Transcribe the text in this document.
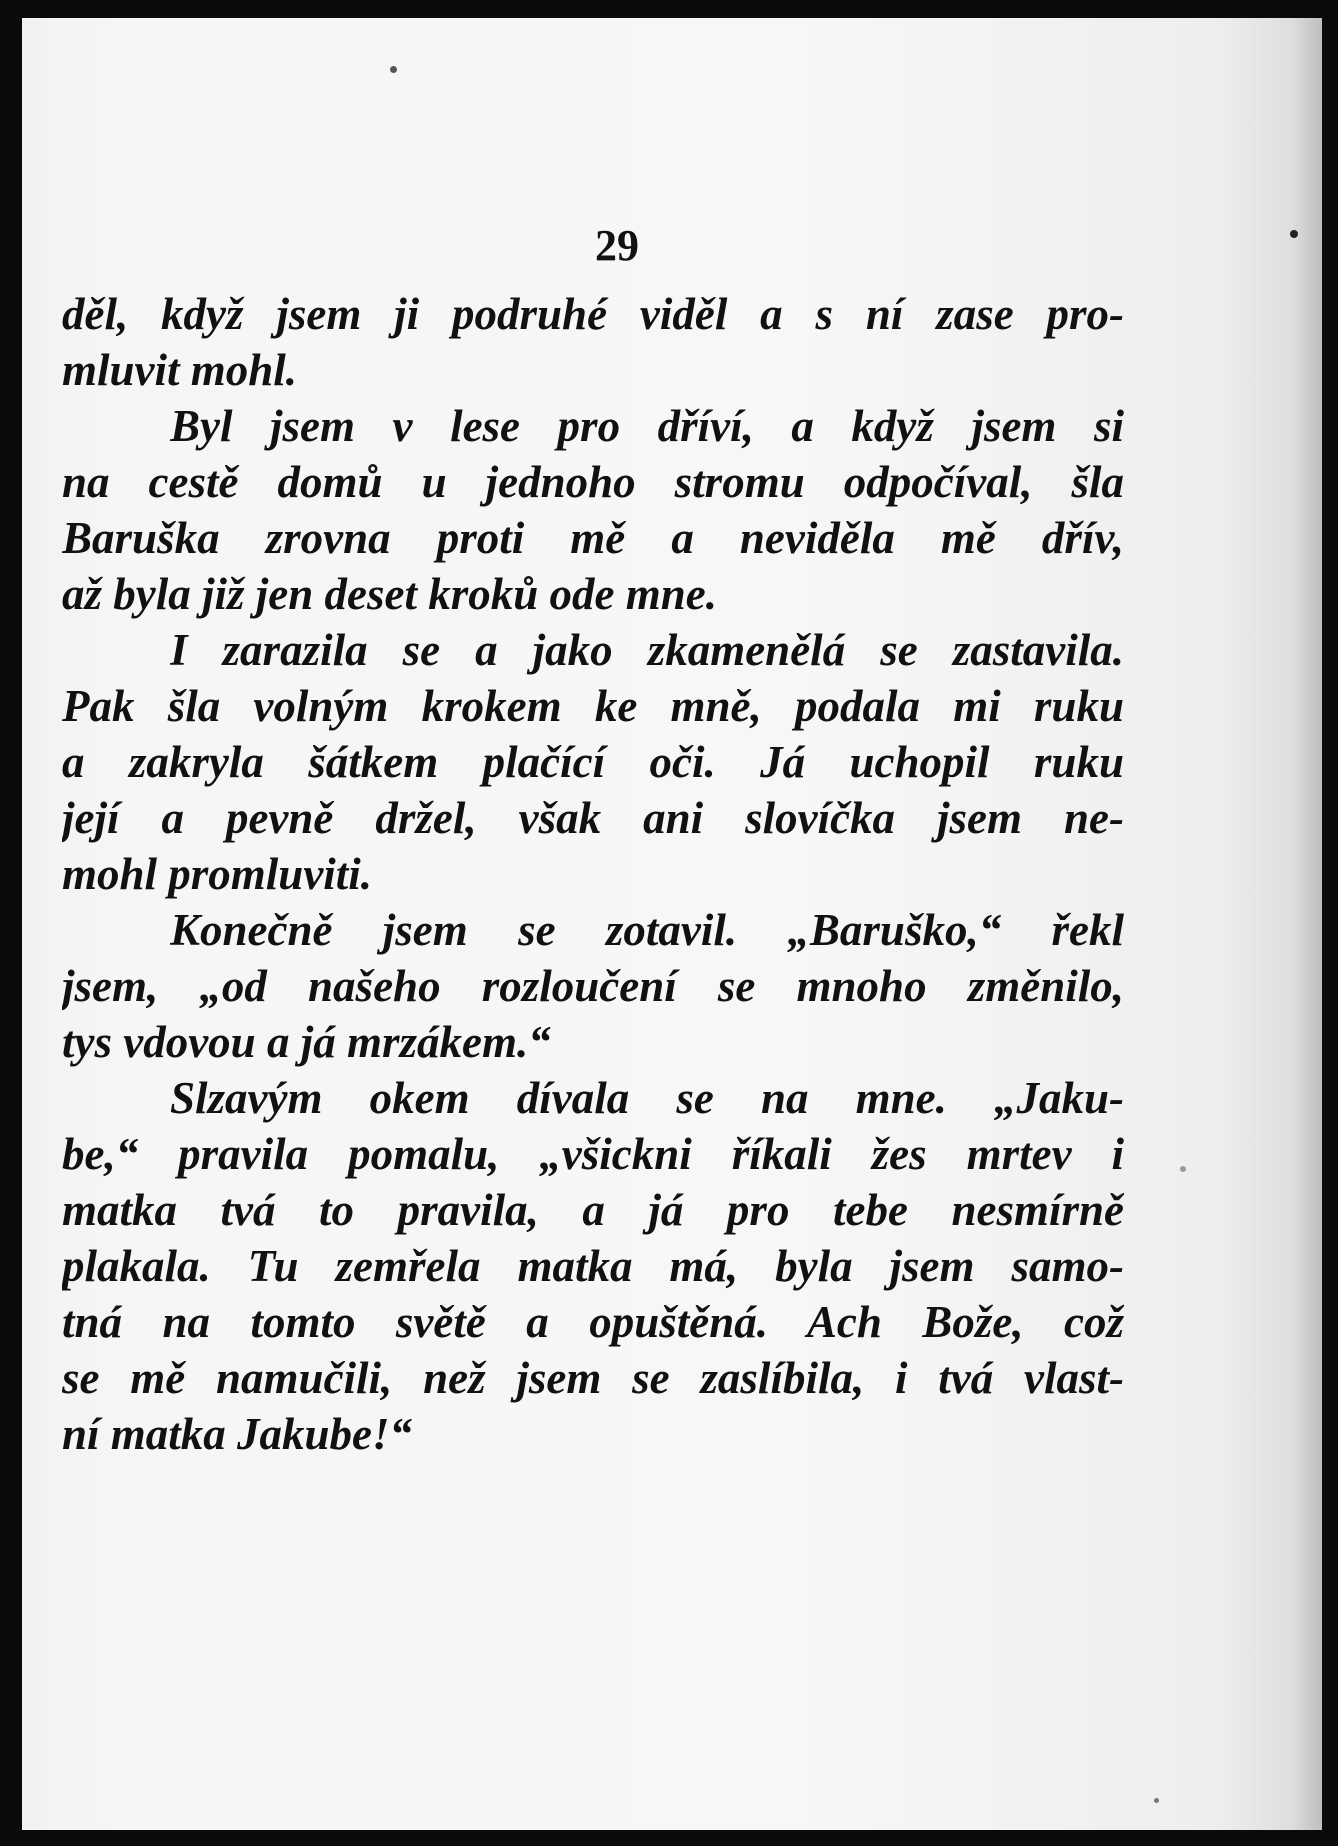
29
děl, když jsem ji podruhé viděl a s ní zase pro-
mluvit mohl.
Byl jsem v lese pro dříví, a když jsem si
na cestě domů u jednoho stromu odpočíval, šla
Baruška zrovna proti mě a neviděla mě dřív,
až byla již jen deset kroků ode mne.
I zarazila se a jako zkamenělá se zastavila.
Pak šla volným krokem ke mně, podala mi ruku
a zakryla šátkem plačící oči. Já uchopil ruku
její a pevně držel, však ani slovíčka jsem ne-
mohl promluviti.
Konečně jsem se zotavil. „Baruško,“ řekl
jsem, „od našeho rozloučení se mnoho změnilo,
tys vdovou a já mrzákem.“
Slzavým okem dívala se na mne. „Jaku-
be,“ pravila pomalu, „všickni říkali žes mrtev i
matka tvá to pravila, a já pro tebe nesmírně
plakala. Tu zemřela matka má, byla jsem samo-
tná na tomto světě a opuštěná. Ach Bože, což
se mě namučili, než jsem se zaslíbila, i tvá vlast-
ní matka Jakube!“
